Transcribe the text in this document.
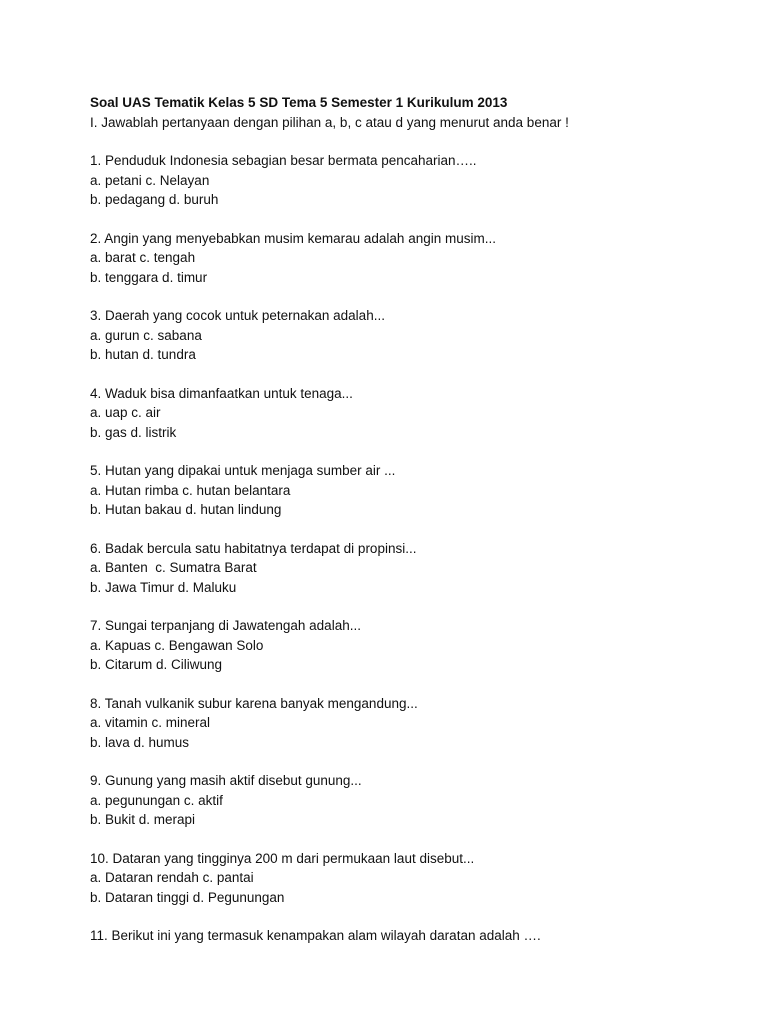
Soal UAS Tematik Kelas 5 SD Tema 5 Semester 1 Kurikulum 2013
I. Jawablah pertanyaan dengan pilihan a, b, c atau d yang menurut anda benar !
1. Penduduk Indonesia sebagian besar bermata pencaharian…..
a. petani c. Nelayan
b. pedagang d. buruh
2. Angin yang menyebabkan musim kemarau adalah angin musim...
a. barat c. tengah
b. tenggara d. timur
3. Daerah yang cocok untuk peternakan adalah...
a. gurun c. sabana
b. hutan d. tundra
4. Waduk bisa dimanfaatkan untuk tenaga...
a. uap c. air
b. gas d. listrik
5. Hutan yang dipakai untuk menjaga sumber air ...
a. Hutan rimba c. hutan belantara
b. Hutan bakau d. hutan lindung
6. Badak bercula satu habitatnya terdapat di propinsi...
a. Banten  c. Sumatra Barat
b. Jawa Timur d. Maluku
7. Sungai terpanjang di Jawatengah adalah...
a. Kapuas c. Bengawan Solo
b. Citarum d. Ciliwung
8. Tanah vulkanik subur karena banyak mengandung...
a. vitamin c. mineral
b. lava d. humus
9. Gunung yang masih aktif disebut gunung...
a. pegunungan c. aktif
b. Bukit d. merapi
10. Dataran yang tingginya 200 m dari permukaan laut disebut...
a. Dataran rendah c. pantai
b. Dataran tinggi d. Pegunungan
11. Berikut ini yang termasuk kenampakan alam wilayah daratan adalah ….
